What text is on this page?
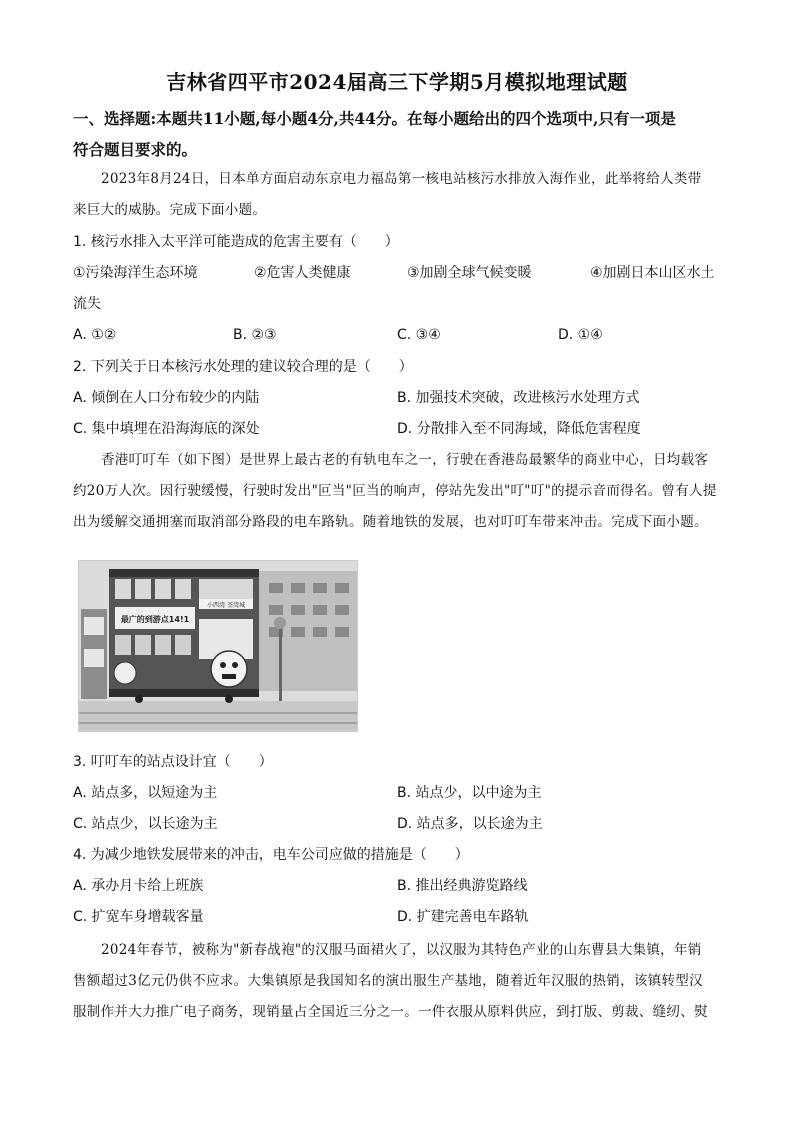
吉林省四平市2024届高三下学期5月模拟地理试题
一、选择题:本题共11小题,每小题4分,共44分。在每小题给出的四个选项中,只有一项是
符合题目要求的。
2023年8月24日，日本单方面启动东京电力福岛第一核电站核污水排放入海作业，此举将给人类带
来巨大的威胁。完成下面小题。
1. 核污水排入太平洋可能造成的危害主要有（　　）
①污染海洋生态环境	②危害人类健康	③加剧全球气候变暖	④加剧日本山区水土
流失
A. ①②	B. ②③	C. ③④	D. ①④
2. 下列关于日本核污水处理的建议较合理的是（　　）
A. 倾倒在人口分布较少的内陆	B. 加强技术突破，改进核污水处理方式
C. 集中填埋在沿海海底的深处	D. 分散排入至不同海域，降低危害程度
香港叮叮车（如下图）是世界上最古老的有轨电车之一，行驶在香港岛最繁华的商业中心，日均载客
约20万人次。因行驶缓慢，行驶时发出"叵当"叵当的响声，停站先发出"叮"叮"的提示音而得名。曾有人提
出为缓解交通拥塞而取消部分路段的电车路轨。随着地铁的发展，也对叮叮车带来冲击。完成下面小题。
小西湾 荃湾城
最广的到游点14!1
3. 叮叮车的站点设计宜（　　）
A. 站点多，以短途为主	B. 站点少，以中途为主
C. 站点少，以长途为主	D. 站点多，以长途为主
4. 为减少地铁发展带来的冲击，电车公司应做的措施是（　　）
A. 承办月卡给上班族	B. 推出经典游览路线
C. 扩宽车身增载客量	D. 扩建完善电车路轨
2024年春节，被称为"新春战袍"的汉服马面裙火了，以汉服为其特色产业的山东曹县大集镇，年销
售额超过3亿元仍供不应求。大集镇原是我国知名的演出服生产基地，随着近年汉服的热销，该镇转型汉
服制作并大力推广电子商务，现销量占全国近三分之一。一件衣服从原料供应，到打版、剪裁、缝纫、熨
